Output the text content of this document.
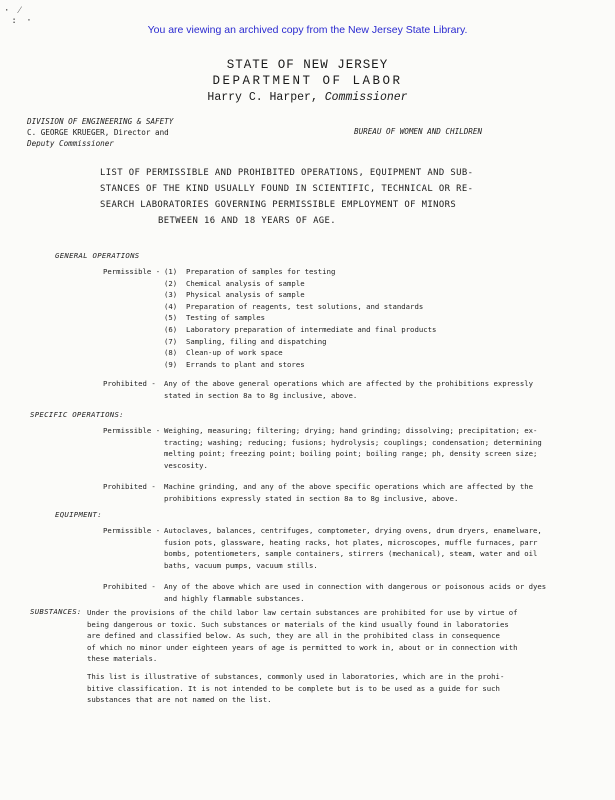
· ⁄
: ·
You are viewing an archived copy from the New Jersey State Library.
STATE OF NEW JERSEY
DEPARTMENT OF LABOR
Harry C. Harper, Commissioner
DIVISION OF ENGINEERING & SAFETY
C. GEORGE KRUEGER, Director and
Deputy Commissioner
BUREAU OF WOMEN AND CHILDREN
LIST OF PERMISSIBLE AND PROHIBITED OPERATIONS, EQUIPMENT AND SUB-
STANCES OF THE KIND USUALLY FOUND IN SCIENTIFIC, TECHNICAL OR RE-
SEARCH LABORATORIES GOVERNING PERMISSIBLE EMPLOYMENT OF MINORS
BETWEEN 16 AND 18 YEARS OF AGE.
GENERAL OPERATIONS
Permissible - (1) Preparation of samples for testing
(2) Chemical analysis of sample
(3) Physical analysis of sample
(4) Preparation of reagents, test solutions, and standards
(5) Testing of samples
(6) Laboratory preparation of intermediate and final products
(7) Sampling, filing and dispatching
(8) Clean-up of work space
(9) Errands to plant and stores
Prohibited - Any of the above general operations which are affected by the prohibitions expressly
stated in section 8a to 8g inclusive, above.
SPECIFIC OPERATIONS:
Permissible - Weighing, measuring; filtering; drying; hand grinding; dissolving; precipitation; ex-
tracting; washing; reducing; fusions; hydrolysis; couplings; condensation; determining
melting point; freezing point; boiling point; boiling range; ph, density screen size;
vescosity.
Prohibited - Machine grinding, and any of the above specific operations which are affected by the
prohibitions expressly stated in section 8a to 8g inclusive, above.
EQUIPMENT:
Permissible - Autoclaves, balances, centrifuges, comptometer, drying ovens, drum dryers, enamelware,
fusion pots, glassware, heating racks, hot plates, microscopes, muffle furnaces, parr
bombs, potentiometers, sample containers, stirrers (mechanical), steam, water and oil
baths, vacuum pumps, vacuum stills.
Prohibited - Any of the above which are used in connection with dangerous or poisonous acids or dyes
and highly flammable substances.
SUBSTANCES: Under the provisions of the child labor law certain substances are prohibited for use by virtue of
being dangerous or toxic. Such substances or materials of the kind usually found in laboratories
are defined and classified below. As such, they are all in the prohibited class in consequence
of which no minor under eighteen years of age is permitted to work in, about or in connection with
these materials.
This list is illustrative of substances, commonly used in laboratories, which are in the prohi-
bitive classification. It is not intended to be complete but is to be used as a guide for such
substances that are not named on the list.
